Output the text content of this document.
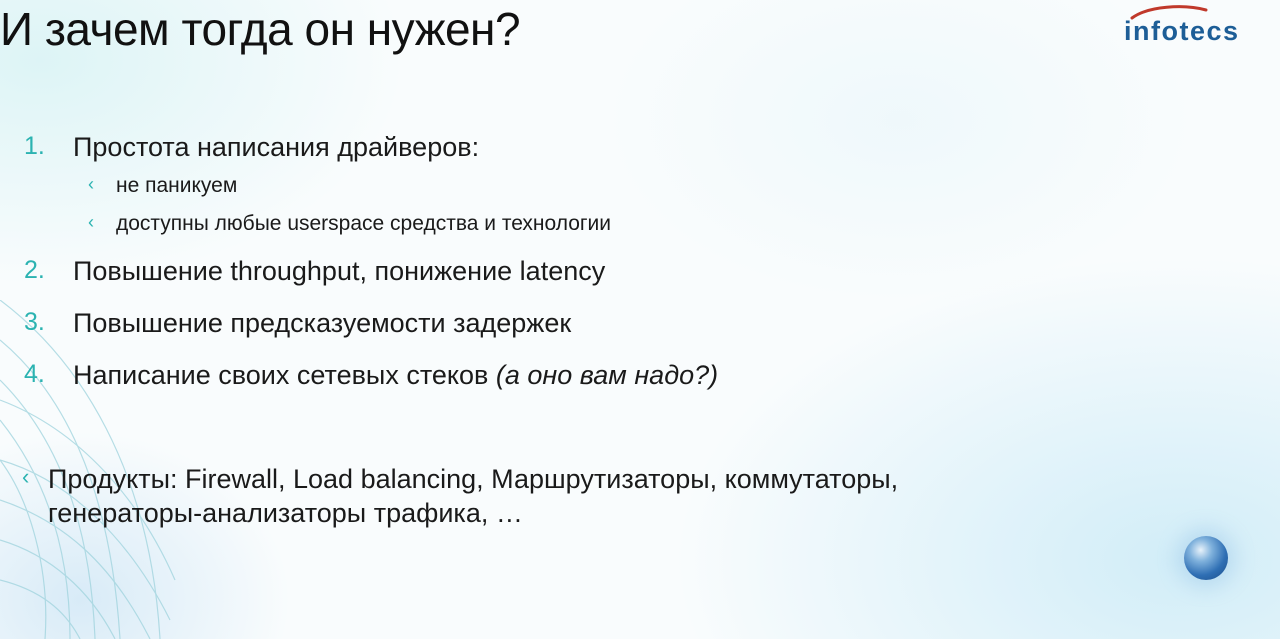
И зачем тогда он нужен?	infotecs
1. Простота написания драйверов:
‹ не паникуем
‹ доступны любые userspace средства и технологии
2. Повышение throughput, понижение latency
3. Повышение предсказуемости задержек
4. Написание своих сетевых стеков (а оно вам надо?)
‹ Продукты: Firewall, Load balancing, Маршрутизаторы, коммутаторы, генераторы-анализаторы трафика, …
